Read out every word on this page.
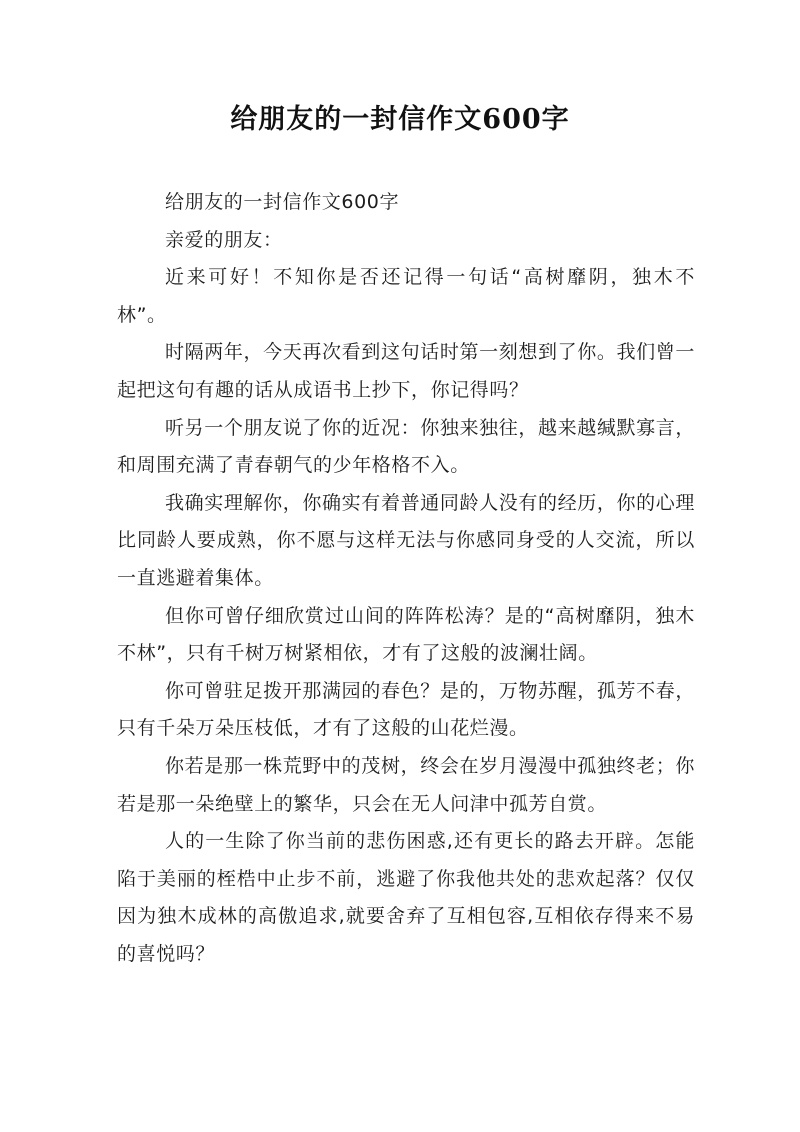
给朋友的一封信作文600字

给朋友的一封信作文600字

亲爱的朋友：

近来可好！不知你是否还记得一句话“高树靡阴，独木不林”。

时隔两年，今天再次看到这句话时第一刻想到了你。我们曾一起把这句有趣的话从成语书上抄下，你记得吗？

听另一个朋友说了你的近况：你独来独往，越来越缄默寡言，和周围充满了青春朝气的少年格格不入。

我确实理解你，你确实有着普通同龄人没有的经历，你的心理比同龄人要成熟，你不愿与这样无法与你感同身受的人交流，所以一直逃避着集体。

但你可曾仔细欣赏过山间的阵阵松涛？是的“高树靡阴，独木不林”，只有千树万树紧相依，才有了这般的波澜壮阔。

你可曾驻足拨开那满园的春色？是的，万物苏醒，孤芳不春，只有千朵万朵压枝低，才有了这般的山花烂漫。

你若是那一株荒野中的茂树，终会在岁月漫漫中孤独终老；你若是那一朵绝壁上的繁华，只会在无人问津中孤芳自赏。

人的一生除了你当前的悲伤困惑,还有更长的路去开辟。怎能陷于美丽的桎梏中止步不前，逃避了你我他共处的悲欢起落？仅仅因为独木成林的高傲追求,就要舍弃了互相包容,互相依存得来不易的喜悦吗？
